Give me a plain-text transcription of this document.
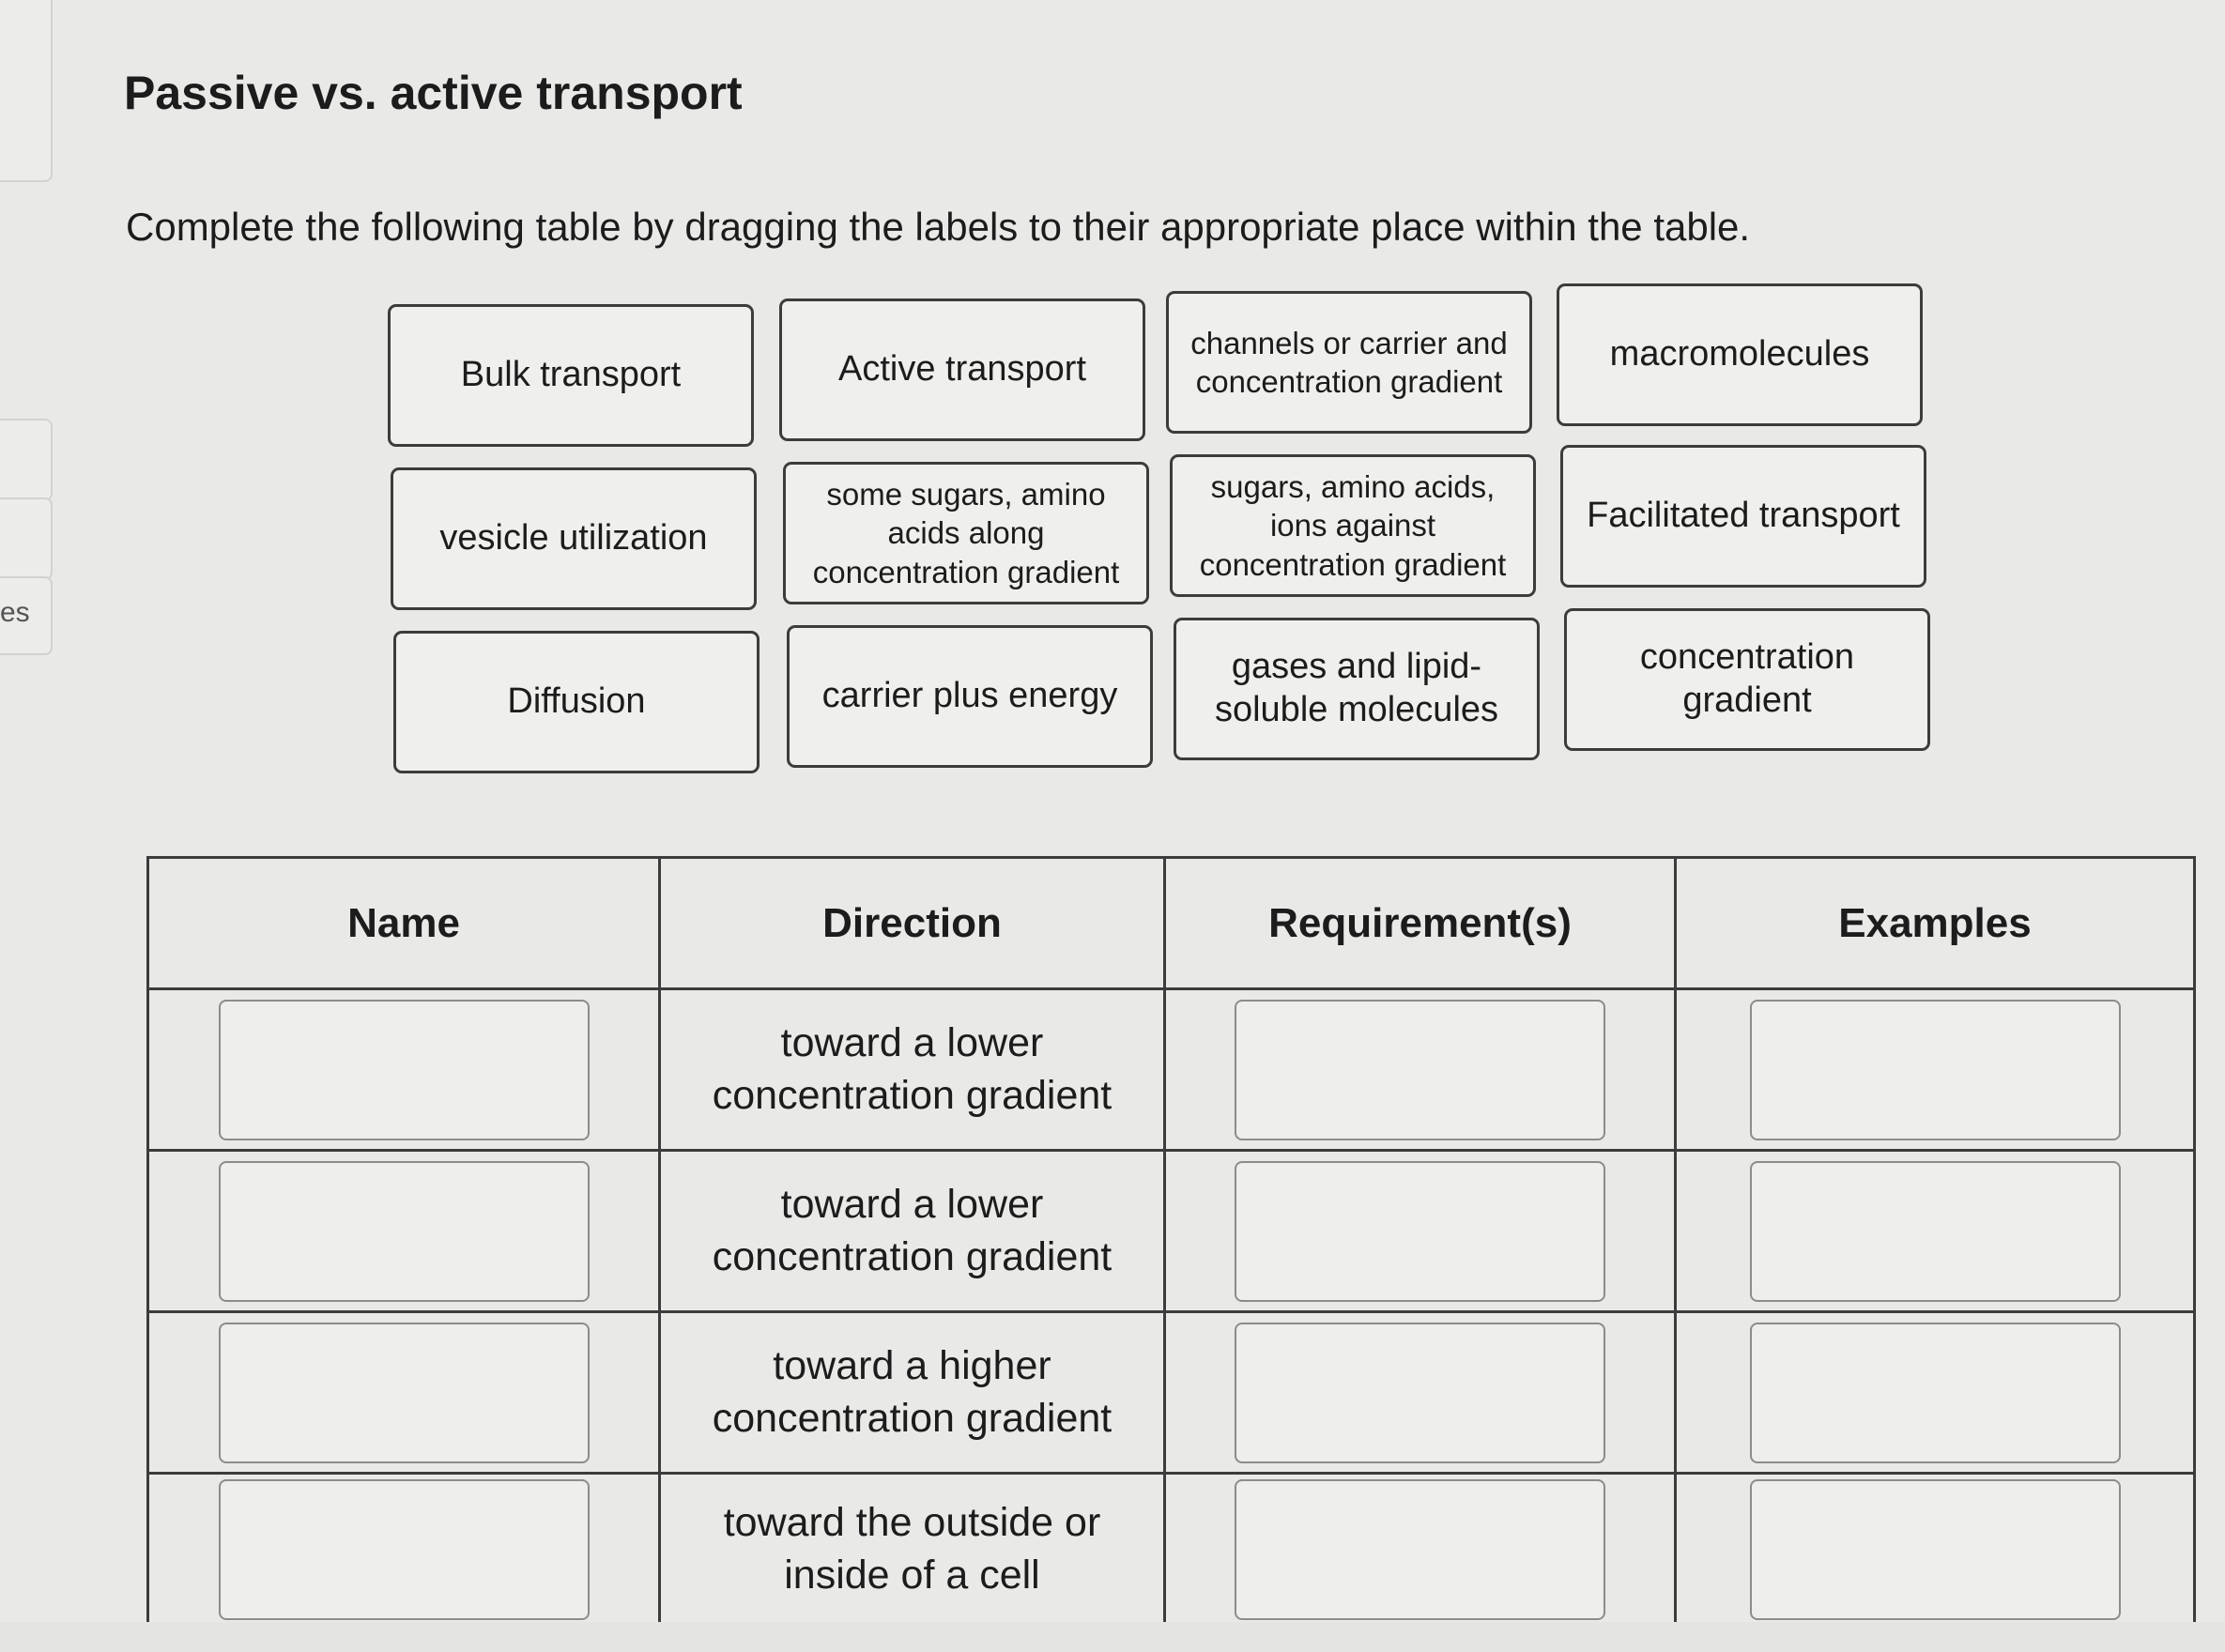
es
Passive vs. active transport

Complete the following table by dragging the labels to their appropriate place within the table.

Bulk transport	Active transport
channels or carrier and concentration gradient
macromolecules
vesicle utilization
some sugars, amino acids along concentration gradient
sugars, amino acids, ions against concentration gradient
Facilitated transport
Diffusion	carrier plus energy
gases and lipid-soluble molecules
concentration gradient
Name	Direction	Requirement(s)	Examples
toward a lower concentration gradient
toward a lower concentration gradient
toward a higher concentration gradient
toward the outside or inside of a cell
